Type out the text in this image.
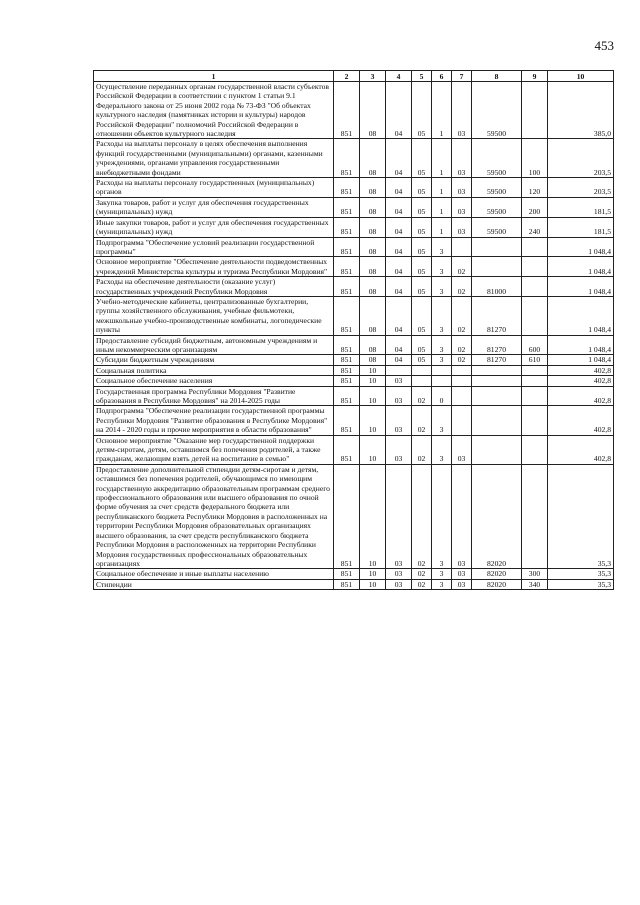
453
1	2	3	4	5	6	7	8	9	10
Осуществление переданных органам государственной власти субъектов Российской Федерации в соответствии с пунктом 1 статьи 9.1 Федерального закона от 25 июня 2002 года № 73-ФЗ "Об объектах культурного наследия (памятниках истории и культуры) народов Российской Федерации" полномочий Российской Федерации в отношении объектов культурного наследия	851	08	04	05	1	03	59500		385,0
Расходы на выплаты персоналу в целях обеспечения выполнения функций государственными (муниципальными) органами, казенными учреждениями, органами управления государственными внебюджетными фондами	851	08	04	05	1	03	59500	100	203,5
Расходы на выплаты персоналу государственных (муниципальных) органов	851	08	04	05	1	03	59500	120	203,5
Закупка товаров, работ и услуг для обеспечения государственных (муниципальных) нужд	851	08	04	05	1	03	59500	200	181,5
Иные закупки товаров, работ и услуг для обеспечения государственных (муниципальных) нужд	851	08	04	05	1	03	59500	240	181,5
Подпрограмма "Обеспечение условий реализации государственной программы"	851	08	04	05	3				1 048,4
Основное мероприятие "Обеспечение деятельности подведомственных учреждений Министерства культуры и туризма Республики Мордовия"	851	08	04	05	3	02			1 048,4
Расходы на обеспечение деятельности (оказание услуг) государственных учреждений Республики Мордовия	851	08	04	05	3	02	81000		1 048,4
Учебно-методические кабинеты, централизованные бухгалтерии, группы хозяйственного обслуживания, учебные фильмотеки, межшкольные учебно-производственные комбинаты, логопедические пункты	851	08	04	05	3	02	81270		1 048,4
Предоставление субсидий бюджетным, автономным учреждениям и иным некоммерческим организациям	851	08	04	05	3	02	81270	600	1 048,4
Субсидии бюджетным учреждениям	851	08	04	05	3	02	81270	610	1 048,4
Социальная политика	851	10							402,8
Социальное обеспечение населения	851	10	03						402,8
Государственная программа Республики Мордовия "Развитие образования в Республике Мордовия" на 2014-2025 годы	851	10	03	02	0				402,8
Подпрограмма "Обеспечение реализации государственной программы Республики Мордовия "Развитие образования в Республике Мордовия" на 2014 - 2020 годы и прочие мероприятия в области образования"	851	10	03	02	3				402,8
Основное мероприятие "Оказание мер государственной поддержки детям-сиротам, детям, оставшимся без попечения родителей, а также гражданам, желающим взять детей на воспитание в семью"	851	10	03	02	3	03			402,8
Предоставление дополнительной стипендии детям-сиротам и детям, оставшимся без попечения родителей, обучающимся по имеющим государственную аккредитацию образовательным программам среднего профессионального образования или высшего образования по очной форме обучения за счет средств федерального бюджета или республиканского бюджета Республики Мордовия в расположенных на территории Республики Мордовия образовательных организациях высшего образования, за счет средств республиканского бюджета Республики Мордовия в расположенных на территории Республики Мордовия государственных профессиональных образовательных организациях	851	10	03	02	3	03	82020		35,3
Социальное обеспечение и иные выплаты населению	851	10	03	02	3	03	82020	300	35,3
Стипендии	851	10	03	02	3	03	82020	340	35,3
